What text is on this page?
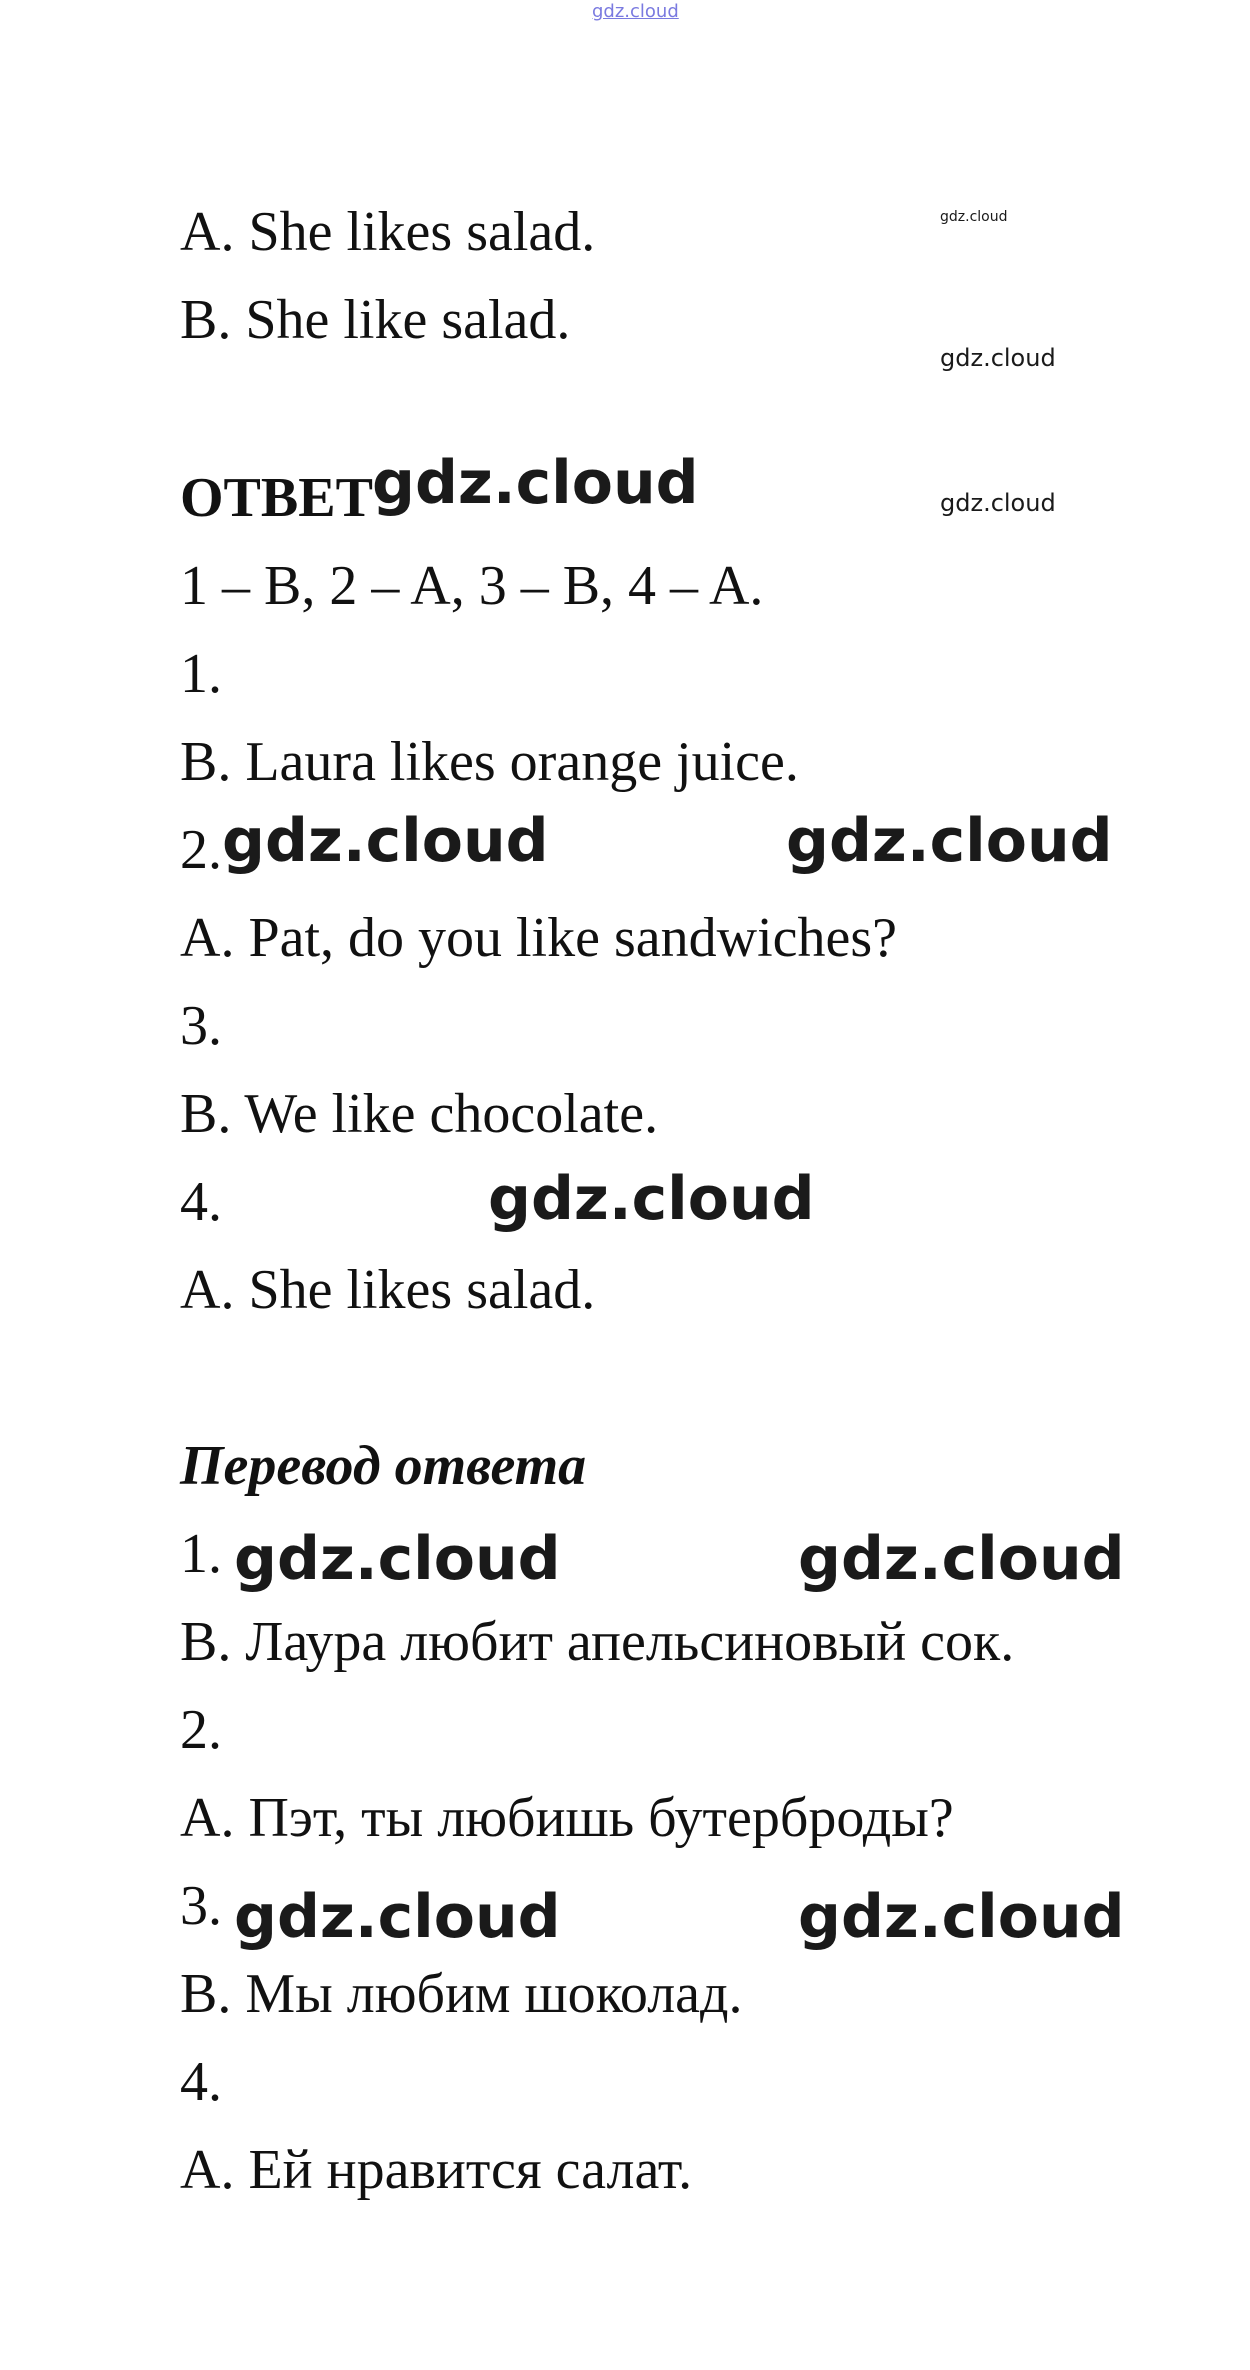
gdz.cloud
A. She likes salad.
B. She like salad.
gdz.cloud
gdz.cloud
gdz.cloud
ОТВЕТ gdz.cloud
1 – B, 2 – A, 3 – B, 4 – A.
1.
B. Laura likes orange juice.
2. gdz.cloud	gdz.cloud
A. Pat, do you like sandwiches?
3.
B. We like chocolate.
4.	gdz.cloud
A. She likes salad.
Перевод ответа
1. gdz.cloud	gdz.cloud
B. Лаура любит апельсиновый сок.
2.
A. Пэт, ты любишь бутерброды?
3. gdz.cloud	gdz.cloud
B. Мы любим шоколад.
4.
A. Ей нравится салат.
